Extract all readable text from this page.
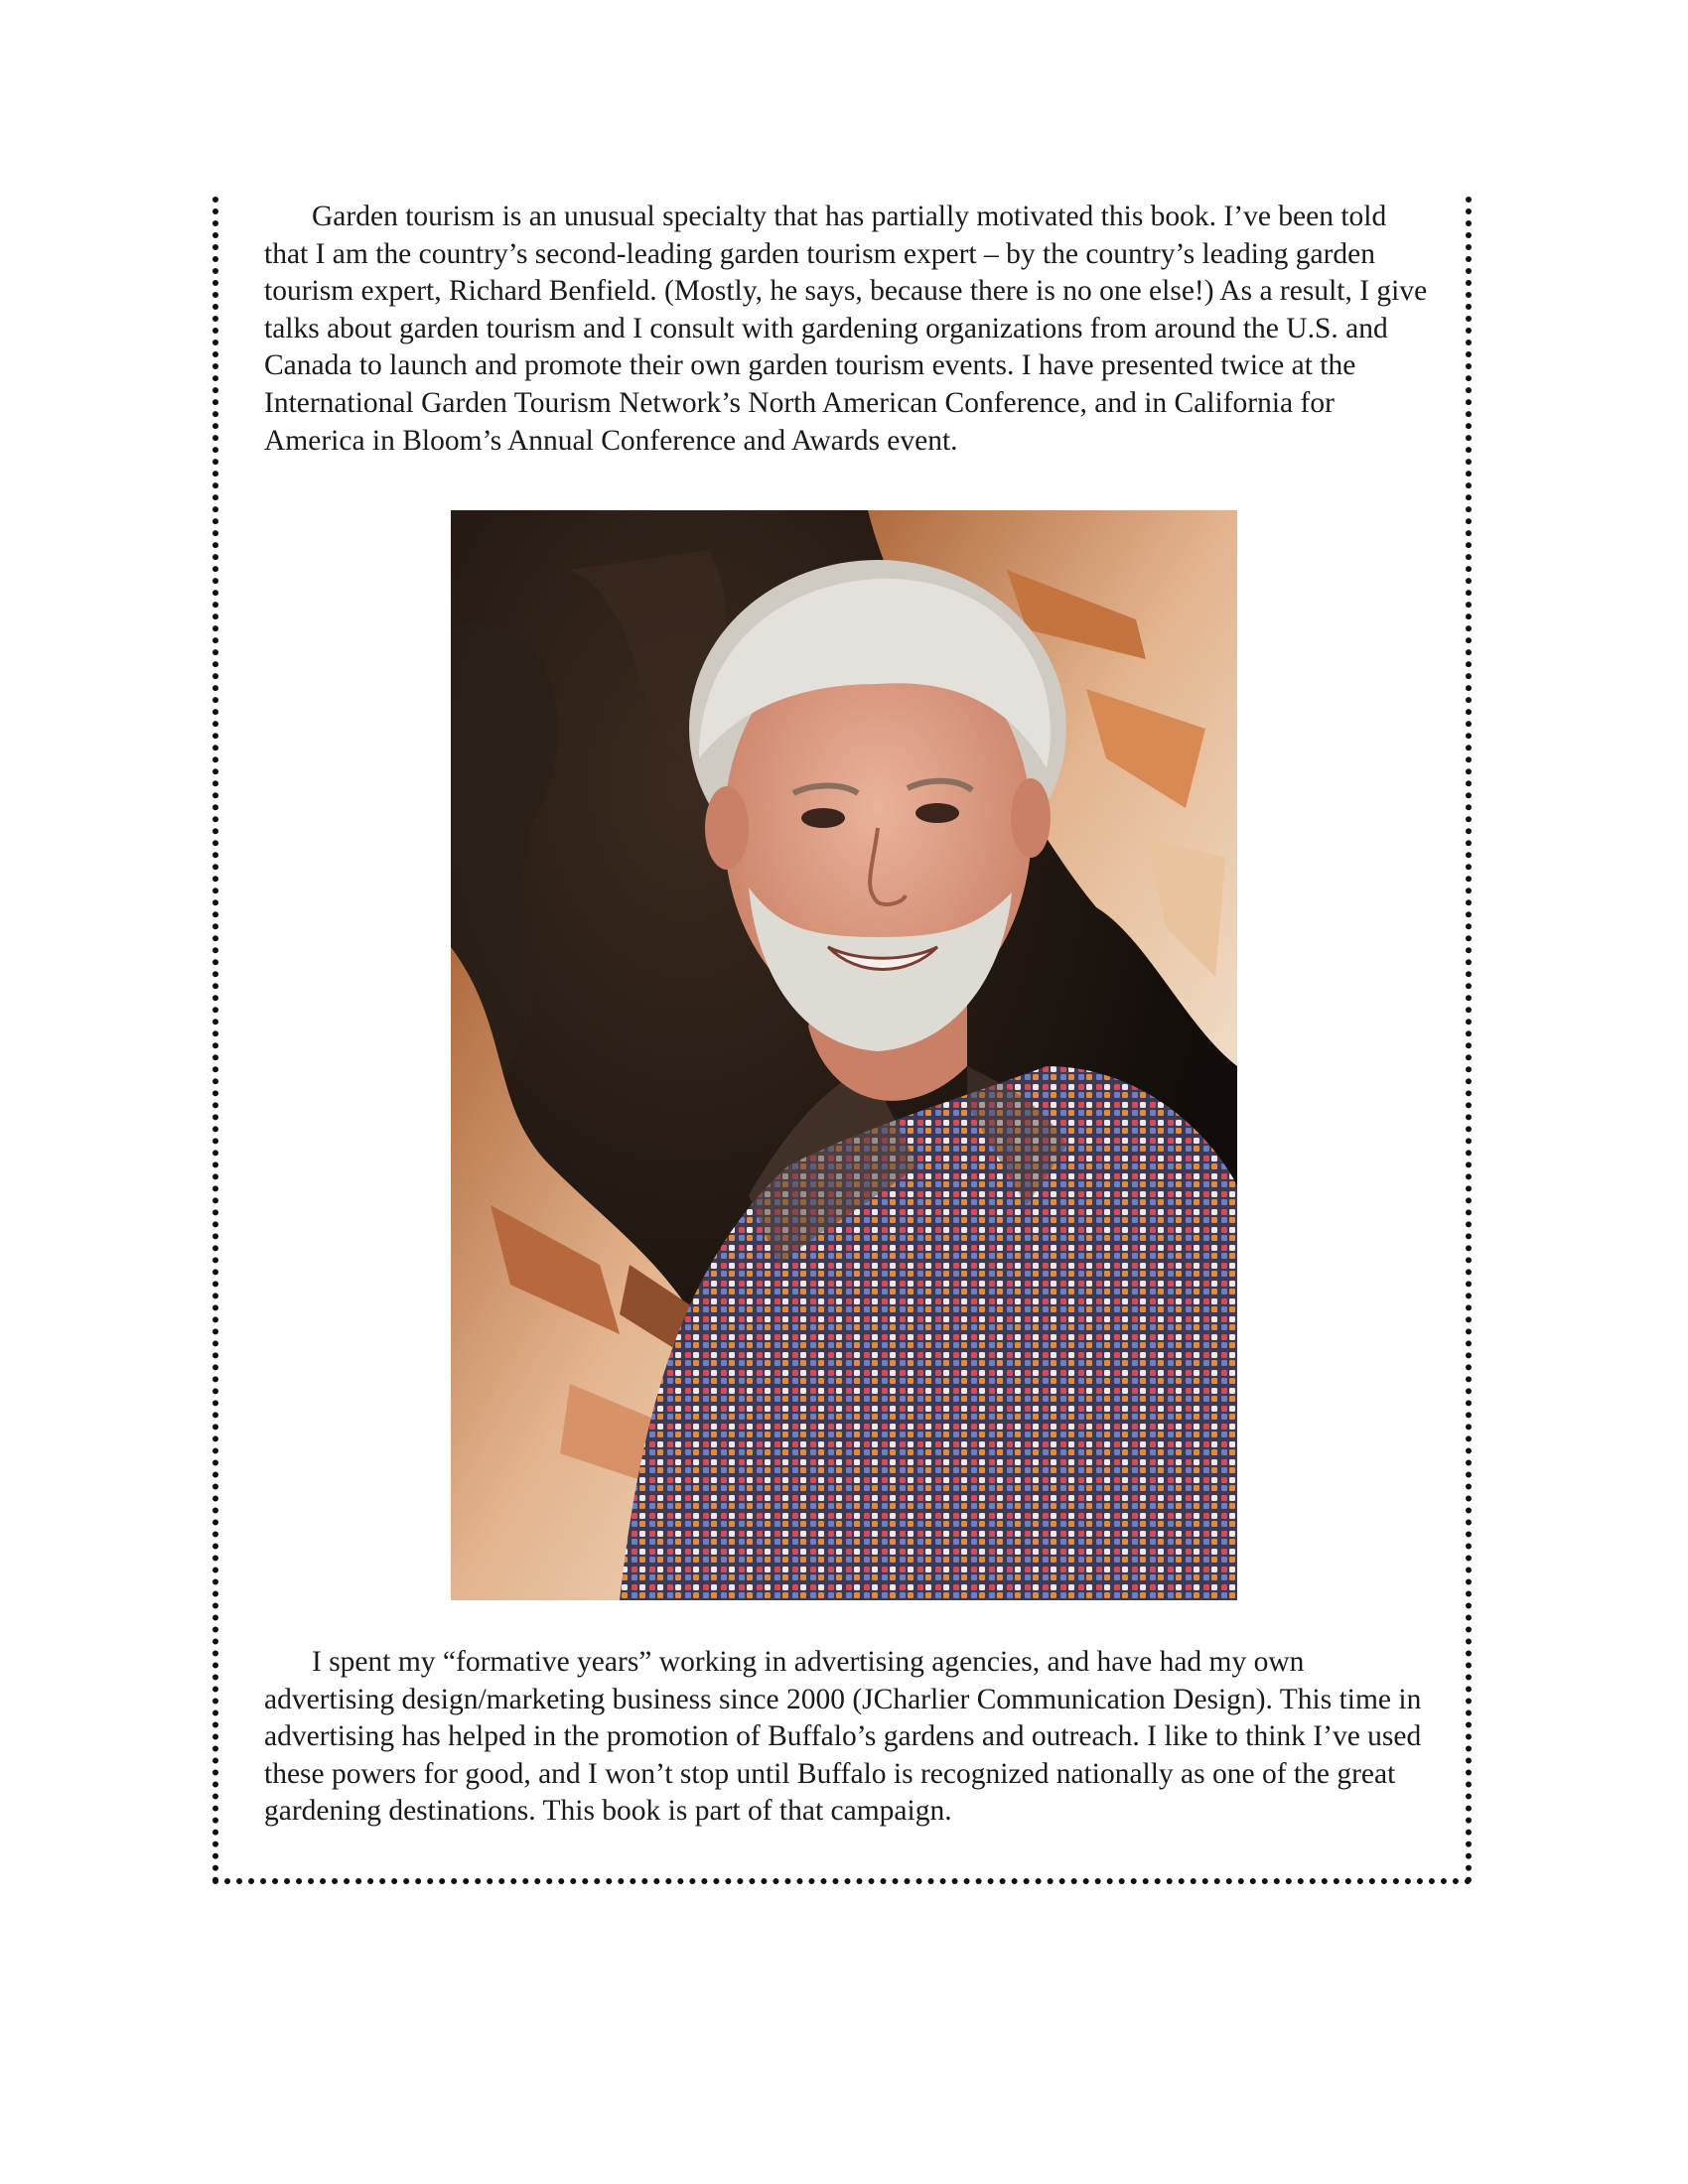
Garden tourism is an unusual specialty that has partially motivated this book. I’ve been told that I am the country’s second-leading garden tourism expert – by the country’s leading garden tourism expert, Richard Benfield. (Mostly, he says, because there is no one else!) As a result, I give talks about garden tourism and I consult with gardening organizations from around the U.S. and Canada to launch and promote their own garden tourism events. I have presented twice at the International Garden Tourism Network’s North American Conference, and in California for America in Bloom’s Annual Conference and Awards event.

I spent my “formative years” working in advertising agencies, and have had my own advertising design/marketing business since 2000 (JCharlier Communication Design). This time in advertising has helped in the promotion of Buffalo’s gardens and outreach. I like to think I’ve used these powers for good, and I won’t stop until Buffalo is recognized nationally as one of the great gardening destinations. This book is part of that campaign.
